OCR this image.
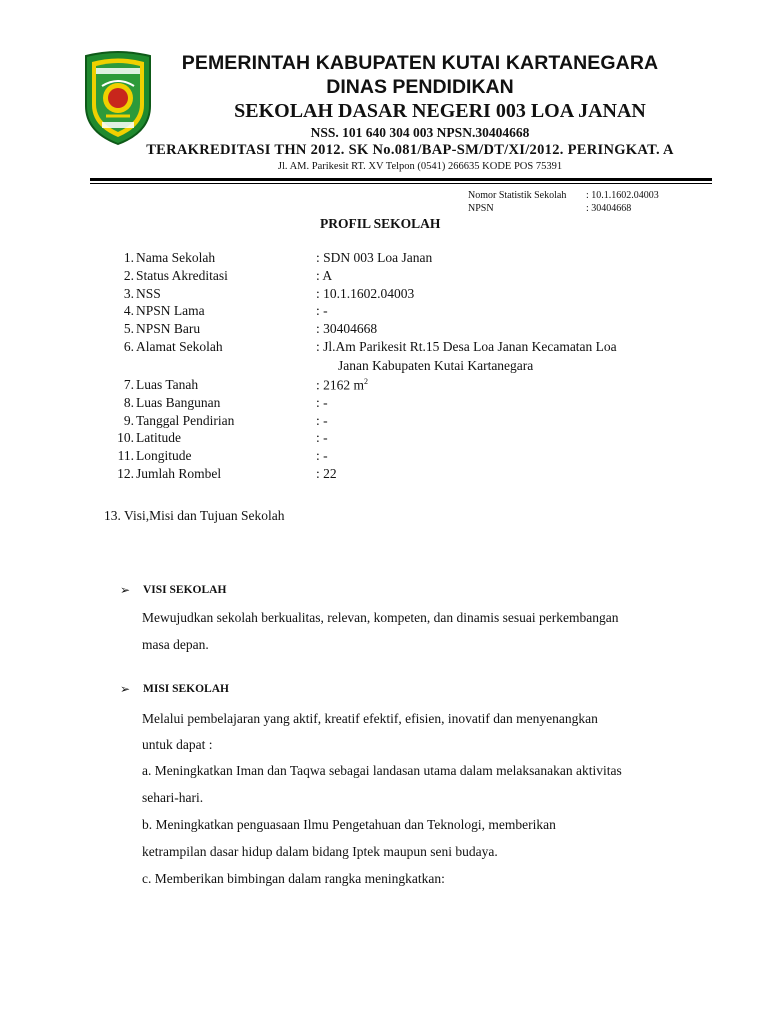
PEMERINTAH KABUPATEN KUTAI KARTANEGARA
DINAS PENDIDIKAN
SEKOLAH DASAR NEGERI 003 LOA JANAN
NSS. 101 640 304 003 NPSN.30404668
TERAKREDITASI THN 2012. SK No.081/BAP-SM/DT/XI/2012. PERINGKAT. A
Jl. AM. Parikesit RT. XV Telpon (0541) 266635 KODE POS 75391
Nomor Statistik Sekolah : 10.1.1602.04003
NPSN	: 30404668
PROFIL SEKOLAH
1. Nama Sekolah	: SDN 003 Loa Janan
2. Status Akreditasi	: A
3. NSS	: 10.1.1602.04003
4. NPSN Lama	: -
5. NPSN Baru	: 30404668
6. Alamat Sekolah	: Jl.Am Parikesit Rt.15 Desa Loa Janan Kecamatan Loa
Janan Kabupaten Kutai Kartanegara
7. Luas Tanah	: 2162 $m^2$
8. Luas Bangunan	: -
9. Tanggal Pendirian	: -
10. Latitude	: -
11. Longitude	: -
12. Jumlah Rombel	: 22
13. Visi,Misi dan Tujuan Sekolah
➢ VISI SEKOLAH
Mewujudkan sekolah berkualitas, relevan, kompeten, dan dinamis sesuai perkembangan
masa depan.
➢ MISI SEKOLAH
Melalui pembelajaran yang aktif, kreatif efektif, efisien, inovatif dan menyenangkan
untuk dapat :
a. Meningkatkan Iman dan Taqwa sebagai landasan utama dalam melaksanakan aktivitas
sehari-hari.
b. Meningkatkan penguasaan Ilmu Pengetahuan dan Teknologi, memberikan
ketrampilan dasar hidup dalam bidang Iptek maupun seni budaya.
c. Memberikan bimbingan dalam rangka meningkatkan:
